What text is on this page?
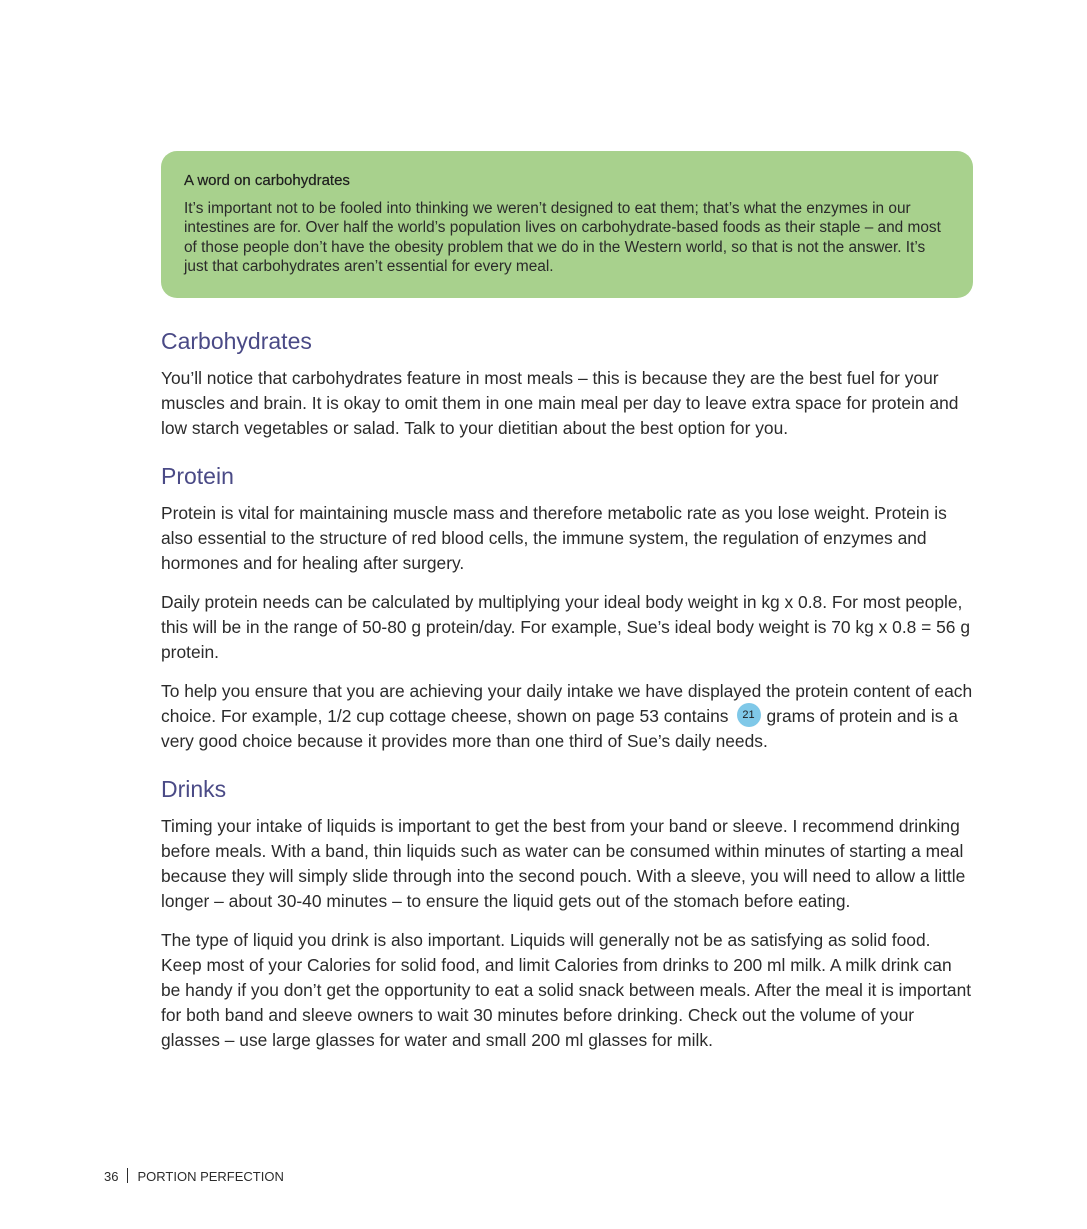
A word on carbohydrates

It’s important not to be fooled into thinking we weren’t designed to eat them; that’s what the enzymes in our intestines are for. Over half the world’s population lives on carbohydrate-based foods as their staple – and most of those people don’t have the obesity problem that we do in the Western world, so that is not the answer. It’s just that carbohydrates aren’t essential for every meal.

Carbohydrates

You’ll notice that carbohydrates feature in most meals – this is because they are the best fuel for your muscles and brain. It is okay to omit them in one main meal per day to leave extra space for protein and low starch vegetables or salad. Talk to your dietitian about the best option for you.

Protein

Protein is vital for maintaining muscle mass and therefore metabolic rate as you lose weight. Protein is also essential to the structure of red blood cells, the immune system, the regulation of enzymes and hormones and for healing after surgery.

Daily protein needs can be calculated by multiplying your ideal body weight in kg x 0.8. For most people, this will be in the range of 50-80 g protein/day. For example, Sue’s ideal body weight is 70 kg x 0.8 = 56 g protein.

To help you ensure that you are achieving your daily intake we have displayed the protein content of each choice. For example, 1/2 cup cottage cheese, shown on page 53 contains 21 grams of protein and is a very good choice because it provides more than one third of Sue’s daily needs.

Drinks

Timing your intake of liquids is important to get the best from your band or sleeve. I recommend drinking before meals. With a band, thin liquids such as water can be consumed within minutes of starting a meal because they will simply slide through into the second pouch. With a sleeve, you will need to allow a little longer – about 30-40 minutes – to ensure the liquid gets out of the stomach before eating.

The type of liquid you drink is also important. Liquids will generally not be as satisfying as solid food. Keep most of your Calories for solid food, and limit Calories from drinks to 200 ml milk. A milk drink can be handy if you don’t get the opportunity to eat a solid snack between meals. After the meal it is important for both band and sleeve owners to wait 30 minutes before drinking. Check out the volume of your glasses – use large glasses for water and small 200 ml glasses for milk.

36 PORTION PERFECTION
